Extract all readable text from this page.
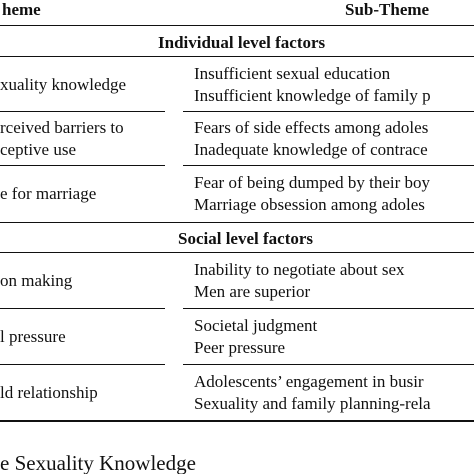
heme	Sub-Theme
Individual level factors
xuality knowledge
Insufficient sexual education
Insufficient knowledge of family p
rceived barriers to
ceptive use
Fears of side effects among adoles
Inadequate knowledge of contrace
e for marriage
Fear of being dumped by their boy
Marriage obsession among adoles
Social level factors
on making
Inability to negotiate about sex
Men are superior
l pressure
Societal judgment
Peer pressure
ld relationship
Adolescents’ engagement in busir
Sexuality and family planning-rela
e Sexuality Knowledge
